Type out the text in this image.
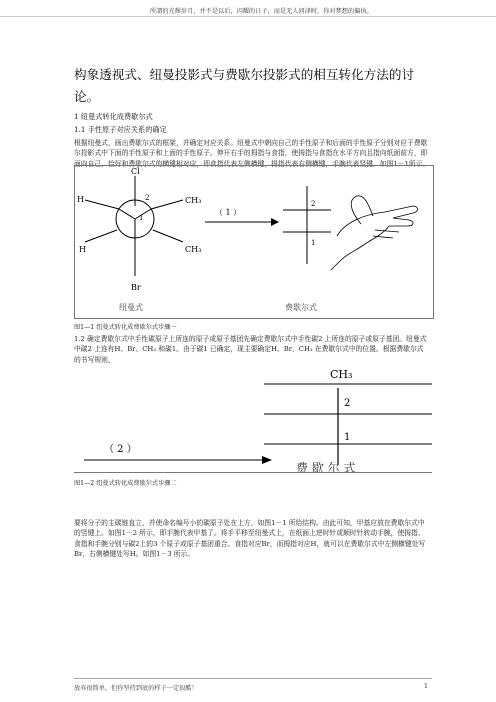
所謂的光輝岁月，并不是以后，闪耀的日子，而是无人问津时，你对梦想的偏执。
构象透视式、纽曼投影式与费歇尔投影式的相互转化方法的讨论。
1 纽曼式转化成费歇尔式
1.1 手性原子对应关系的确定
根据纽曼式，画出费歇尔式的框架，并确定对应关系。纽曼式中朝向自己的手性原子和后面的手性原子分别对应于费歇尔投影式中下面的手性原子和上面的手性原子。伸开右手的拇指与食指，使拇指与食指在水平方向且指向纸面前方，即面向自己，恰好和费歇尔式的横键相对应，即食指代表左侧横键，拇指代表右侧横键，手腕代表竖键。如图1－1所示。
Cl
H	CH₃
H	CH₃
Br
2
1
纽曼式
（ 1 ）
2
1
费歇尔式
图1—1 纽曼式转化成费歇尔式步骤一
1.2 确定费歇尔式中手性碳原子上所连的原子或原子基团先确定费歇尔式中手性碳2 上所连的原子或原子基团。纽曼式中碳2 上连有H、Br、CH₃ 和碳1。由于碳1 已确定，现主要确定H、Br、CH₃ 在费歇尔式中的位置。根据费歇尔式的书写规则，
CH₃
2
1
（ 2 ）
费 歇 尔 式
图1—2 纽曼式转化成费歇尔式步骤二
要将分子的主碳链直立，并使命名编号小的碳原子处在上方，如图1－1 所给结构。由此可知，甲基应放在费歇尔式中的竖键上。如图1－2 所示，即手腕代表甲基了。将手平移至纽曼式上，在纸面上逆时针或顺时针转动手腕，使拇指、食指和手腕分别与碳2上的3 个原子或原子基团重合。食指对应Br，而拇指对应H，就可以在费歇尔式中左侧横键处写Br，右侧横键处写H。如图1－3 所示。
放弃很简单，但你坚持到底的样子一定很酷！	1
